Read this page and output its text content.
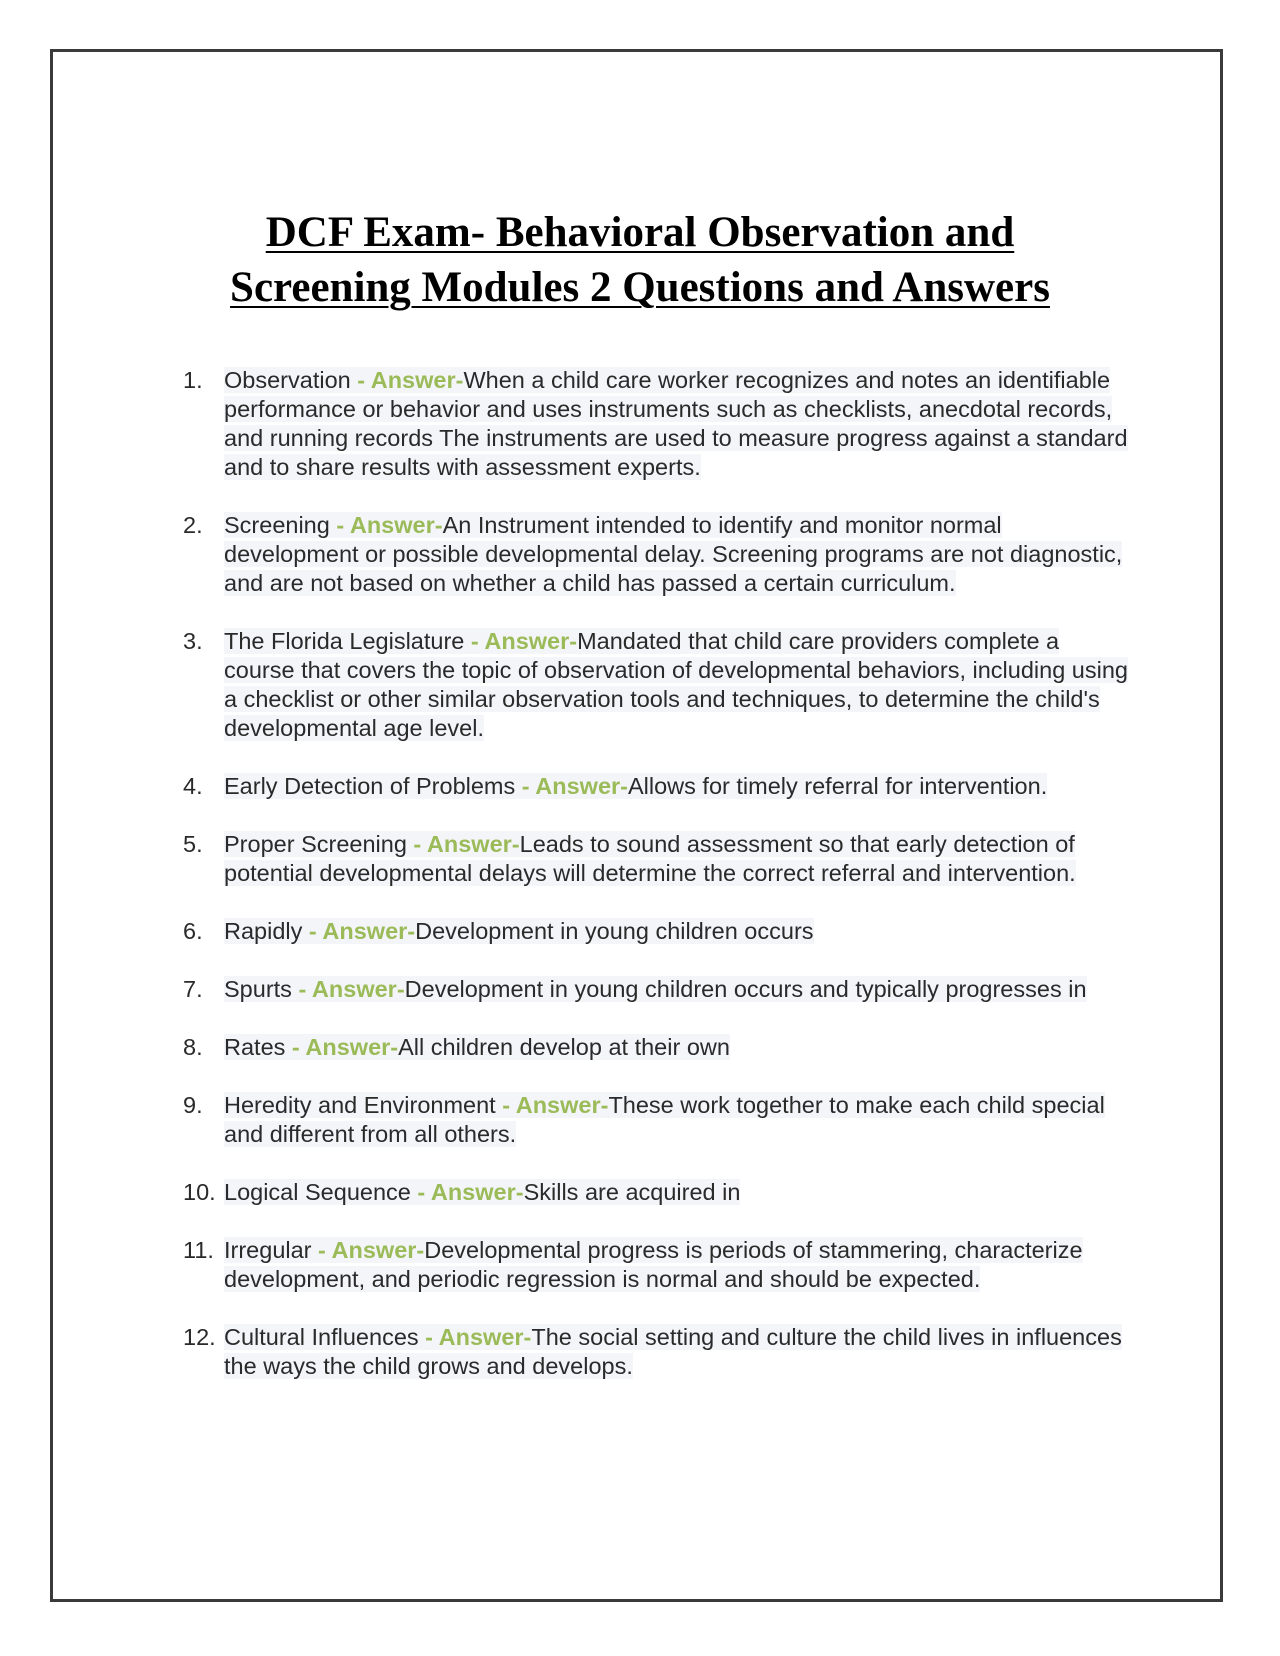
DCF Exam- Behavioral Observation and
Screening Modules 2 Questions and Answers
1. Observation - Answer-When a child care worker recognizes and notes an identifiable performance or behavior and uses instruments such as checklists, anecdotal records, and running records The instruments are used to measure progress against a standard and to share results with assessment experts.
2. Screening - Answer-An Instrument intended to identify and monitor normal development or possible developmental delay. Screening programs are not diagnostic, and are not based on whether a child has passed a certain curriculum.
3. The Florida Legislature - Answer-Mandated that child care providers complete a course that covers the topic of observation of developmental behaviors, including using a checklist or other similar observation tools and techniques, to determine the child's developmental age level.
4. Early Detection of Problems - Answer-Allows for timely referral for intervention.
5. Proper Screening - Answer-Leads to sound assessment so that early detection of potential developmental delays will determine the correct referral and intervention.
6. Rapidly - Answer-Development in young children occurs
7. Spurts - Answer-Development in young children occurs and typically progresses in
8. Rates - Answer-All children develop at their own
9. Heredity and Environment - Answer-These work together to make each child special and different from all others.
10. Logical Sequence - Answer-Skills are acquired in
11. Irregular - Answer-Developmental progress is periods of stammering, characterize development, and periodic regression is normal and should be expected.
12. Cultural Influences - Answer-The social setting and culture the child lives in influences the ways the child grows and develops.
